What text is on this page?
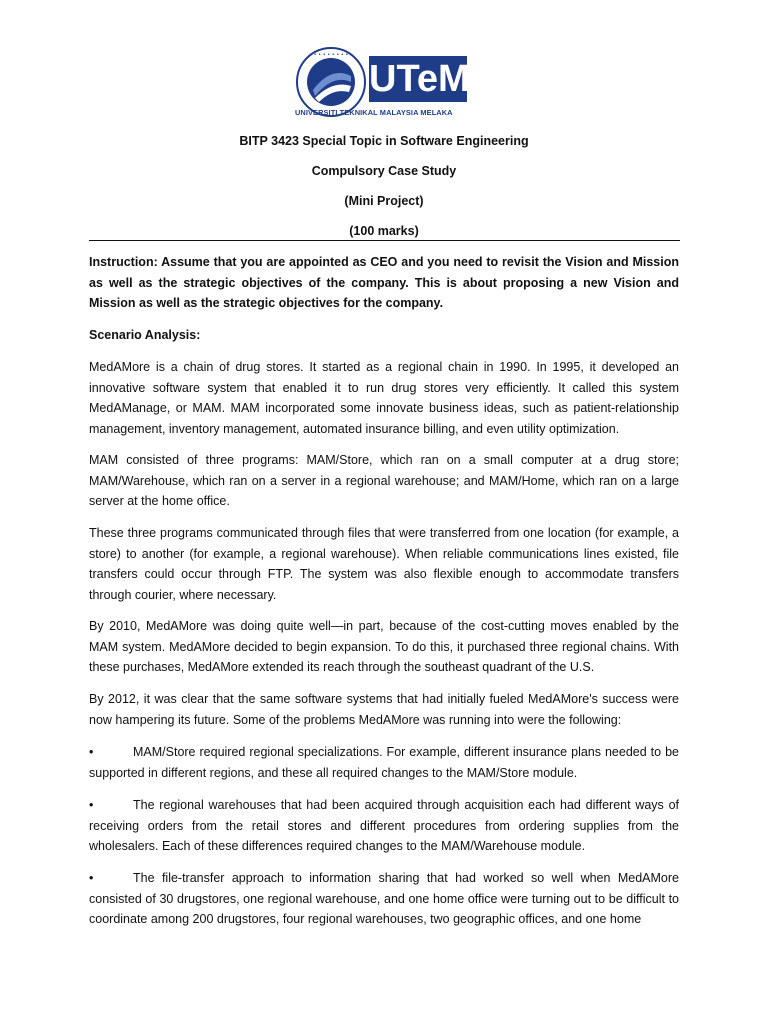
• • • • • • • •
UTeM
UNIVERSITI TEKNIKAL MALAYSIA MELAKA
BITP 3423 Special Topic in Software Engineering
Compulsory Case Study
(Mini Project)
(100 marks)
Instruction: Assume that you are appointed as CEO and you need to revisit the Vision and Mission as well as the strategic objectives of the company. This is about proposing a new Vision and Mission as well as the strategic objectives for the company.
Scenario Analysis:
MedAMore is a chain of drug stores. It started as a regional chain in 1990. In 1995, it developed an innovative software system that enabled it to run drug stores very efficiently. It called this system MedAManage, or MAM. MAM incorporated some innovate business ideas, such as patient-relationship management, inventory management, automated insurance billing, and even utility optimization.
MAM consisted of three programs: MAM/Store, which ran on a small computer at a drug store; MAM/Warehouse, which ran on a server in a regional warehouse; and MAM/Home, which ran on a large server at the home office.
These three programs communicated through files that were transferred from one location (for example, a store) to another (for example, a regional warehouse). When reliable communications lines existed, file transfers could occur through FTP. The system was also flexible enough to accommodate transfers through courier, where necessary.
By 2010, MedAMore was doing quite well—in part, because of the cost-cutting moves enabled by the MAM system. MedAMore decided to begin expansion. To do this, it purchased three regional chains. With these purchases, MedAMore extended its reach through the southeast quadrant of the U.S.
By 2012, it was clear that the same software systems that had initially fueled MedAMore's success were now hampering its future. Some of the problems MedAMore was running into were the following:
•	MAM/Store required regional specializations. For example, different insurance plans needed to be supported in different regions, and these all required changes to the MAM/Store module.
•	The regional warehouses that had been acquired through acquisition each had different ways of receiving orders from the retail stores and different procedures from ordering supplies from the wholesalers. Each of these differences required changes to the MAM/Warehouse module.
•	The file-transfer approach to information sharing that had worked so well when MedAMore consisted of 30 drugstores, one regional warehouse, and one home office were turning out to be difficult to coordinate among 200 drugstores, four regional warehouses, two geographic offices, and one home
